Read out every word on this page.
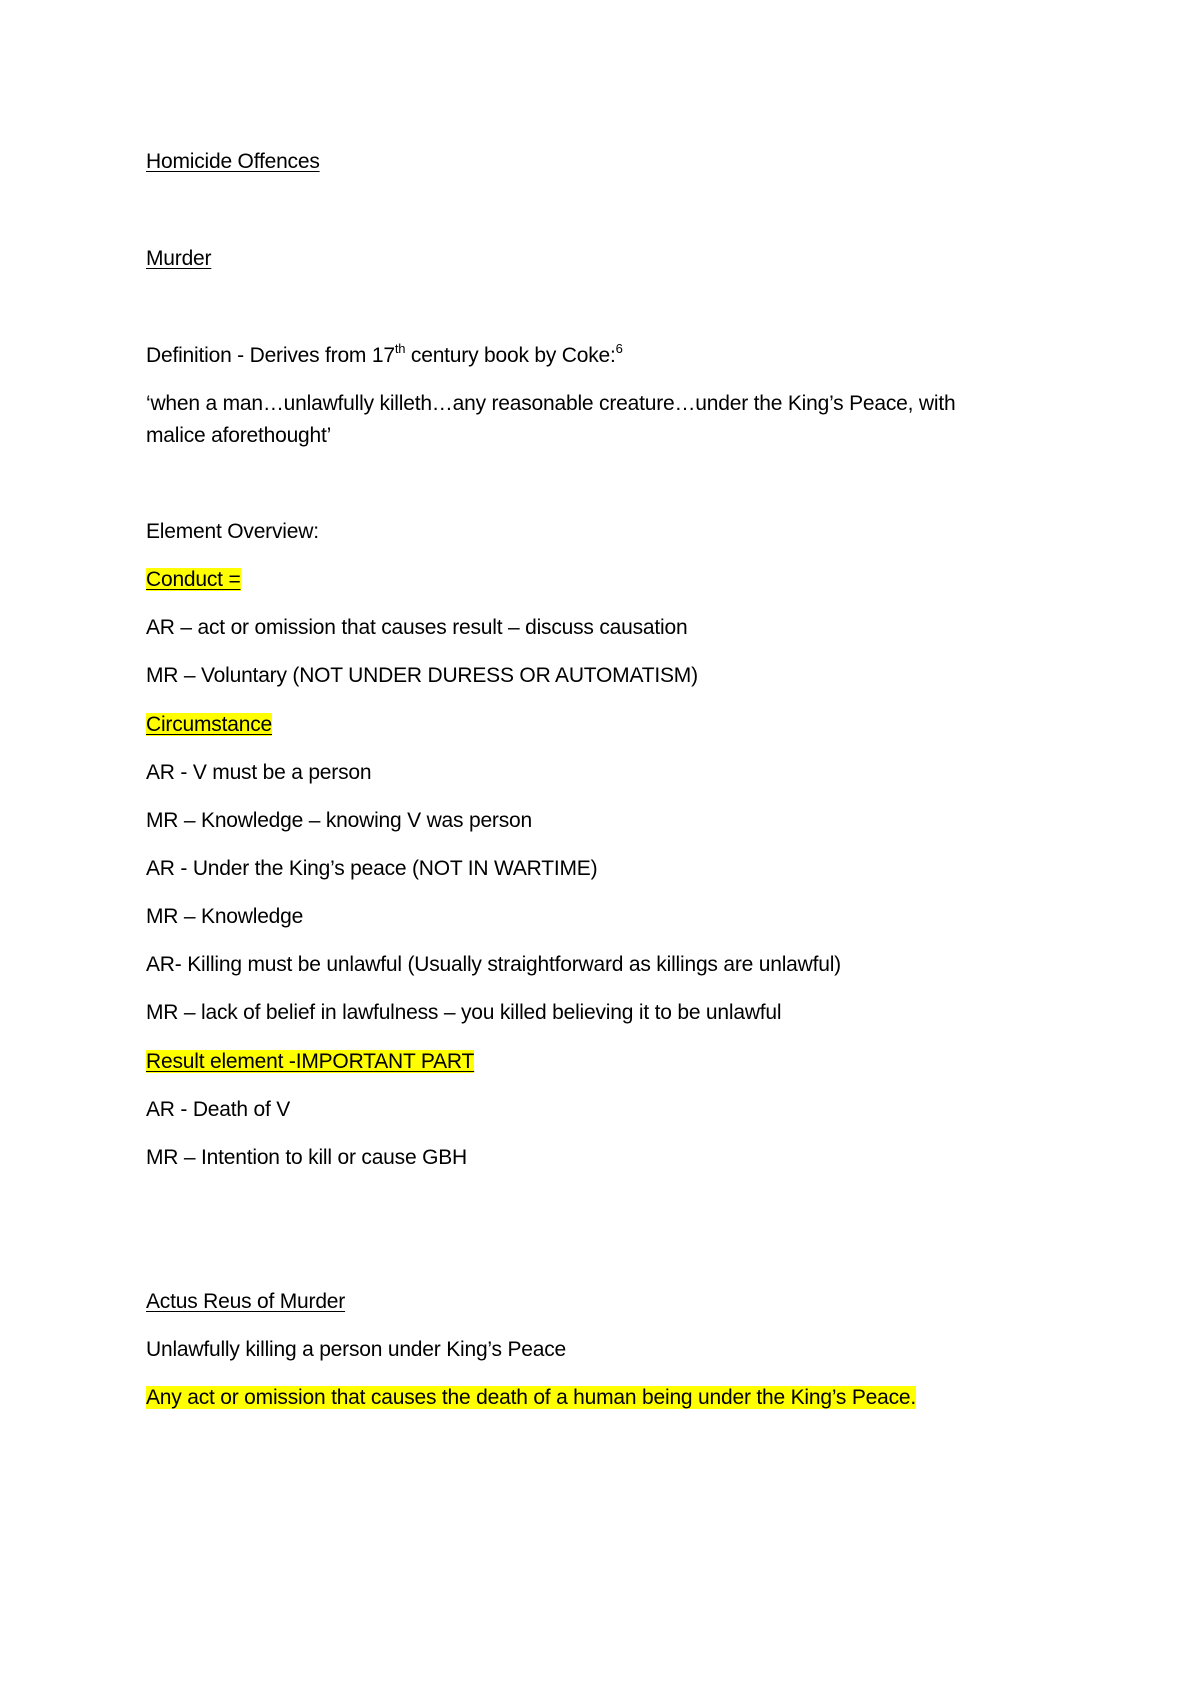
Homicide Offences
Murder
Definition - Derives from 17th century book by Coke:$^6$
‘when a man…unlawfully killeth…any reasonable creature…under the King’s Peace, with
malice aforethought’
Element Overview:
Conduct =
AR – act or omission that causes result – discuss causation
MR – Voluntary (NOT UNDER DURESS OR AUTOMATISM)
Circumstance
AR - V must be a person
MR – Knowledge – knowing V was person
AR - Under the King’s peace (NOT IN WARTIME)
MR – Knowledge
AR- Killing must be unlawful (Usually straightforward as killings are unlawful)
MR – lack of belief in lawfulness – you killed believing it to be unlawful
Result element -IMPORTANT PART
AR - Death of V
MR – Intention to kill or cause GBH
Actus Reus of Murder
Unlawfully killing a person under King’s Peace
Any act or omission that causes the death of a human being under the King’s Peace.
